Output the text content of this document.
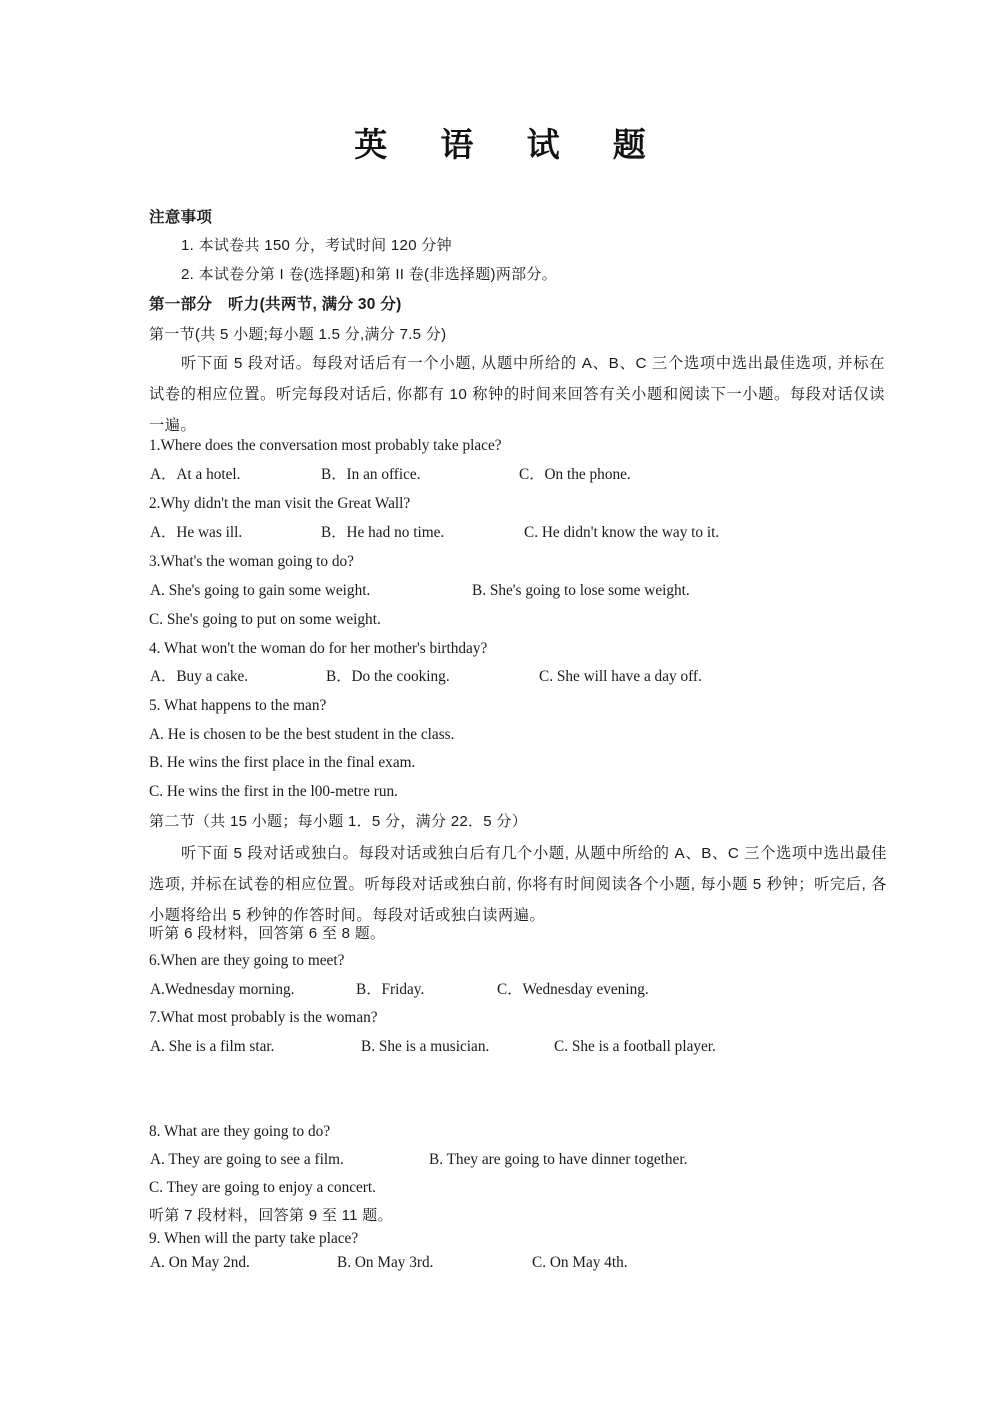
英 语 试 题
注意事项
1. 本试卷共 150 分，考试时间 120 分钟
2. 本试卷分第 I 卷(选择题)和第 II 卷(非选择题)两部分。
第一部分　听力(共两节, 满分 30 分)
第一节(共 5 小题;每小题 1.5 分,满分 7.5 分)
听下面 5 段对话。每段对话后有一个小题, 从题中所给的 A、B、C 三个选项中选出最佳选项, 并标在试卷的相应位置。听完每段对话后, 你都有 10 称钟的时间来回答有关小题和阅读下一小题。每段对话仅读一遍。
1.Where does the conversation most probably take place?
A．At a hotel.	B．In an office.	C．On the phone.
2.Why didn't the man visit the Great Wall?
A．He was ill.	B．He had no time.	C. He didn't know the way to it.
3.What's the woman going to do?
A. She's going to gain some weight.	B. She's going to lose some weight.
C. She's going to put on some weight.
4. What won't the woman do for her mother's birthday?
A．Buy a cake.	B．Do the cooking.	C. She will have a day off.
5. What happens to the man?
A. He is chosen to be the best student in the class.
B. He wins the first place in the final exam.
C. He wins the first in the l00-metre run.
第二节（共 15 小题；每小题 1．5 分，满分 22．5 分）
听下面 5 段对话或独白。每段对话或独白后有几个小题, 从题中所给的 A、B、C 三个选项中选出最佳选项, 并标在试卷的相应位置。听每段对话或独白前, 你将有时间阅读各个小题, 每小题 5 秒钟；听完后, 各小题将给出 5 秒钟的作答时间。每段对话或独白读两遍。
听第 6 段材料，回答第 6 至 8 题。
6.When are they going to meet?
A.Wednesday morning.	B．Friday.	C．Wednesday evening.
7.What most probably is the woman?
A. She is a film star.	B. She is a musician.	C. She is a football player.
8. What are they going to do?
A. They are going to see a film.	B. They are going to have dinner together.
C. They are going to enjoy a concert.
听第 7 段材料，回答第 9 至 11 题。
9. When will the party take place?
A. On May 2nd.	B. On May 3rd.	C. On May 4th.
